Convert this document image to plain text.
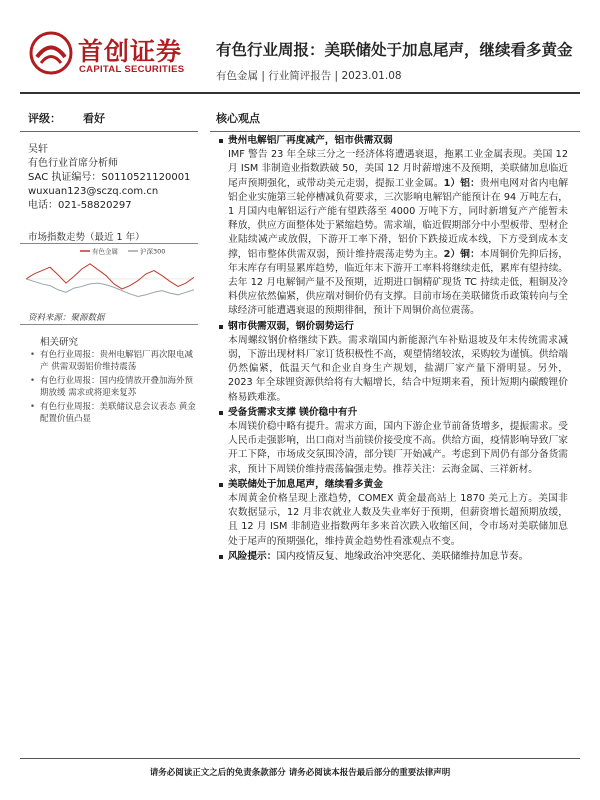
首创证券
CAPITAL SECURITIES
有色行业周报：美联储处于加息尾声，继续看多黄金
有色金属 | 行业简评报告 | 2023.01.08
评级： 看好
吴轩
有色行业首席分析师
SAC 执证编号：S0110521120001
wuxuan123@sczq.com.cn
电话：021-58820297
市场指数走势（最近 1 年）
有色金属	沪深300
资料来源：聚源数据
相关研究
• 有色行业周报：贵州电解铝厂再次限电减产 供需双弱铝价维持震荡
• 有色行业周报：国内疫情放开叠加海外预期放缓 需求或将迎来复苏
• 有色行业周报：美联储议息会议表态 黄金配置价值凸显
核心观点

贵州电解铝厂再度减产，铝市供需双弱

IMF 警告 23 年全球三分之一经济体将遭遇衰退，拖累工业金属表现。美国 12 月 ISM 非制造业指数跌破 50，美国 12 月时薪增速不及预期，美联储加息临近尾声预期强化，或带动美元走弱，提振工业金属。1）铝：贵州电网对省内电解铝企业实施第三轮停槽减负荷要求，三次影响电解铝产能预计在 94 万吨左右，1 月国内电解铝运行产能有望跌落至 4000 万吨下方，同时新增复产产能暂未释放，供应方面整体处于紧缩趋势。需求端，临近假期部分中小型板带、型材企业陆续减产或放假，下游开工率下滑，铝价下跌接近成本线，下方受到成本支撑，铝市整体供需双弱，预计维持震荡走势为主。2）铜：本周铜价先抑后扬，年末库存有明显累库趋势，临近年末下游开工率料将继续走低，累库有望持续。去年 12 月电解铜产量不及预期，近期进口铜精矿现货 TC 持续走低，粗铜及冷料供应依然偏紧，供应端对铜价仍有支撑。目前市场在美联储货币政策转向与全球经济可能遭遇衰退的预期徘徊，预计下周铜价高位震荡。

钢市供需双弱，钢价弱势运行

本周螺纹钢价格继续下跌。需求端国内新能源汽车补贴退坡及年末传统需求减弱，下游出现材料厂家订货积极性不高，观望情绪较浓，采购较为谨慎。供给端仍然偏紧，低温天气和企业自身生产规划，盐湖厂家产量下滑明显。另外，2023 年全球锂资源供给将有大幅增长，结合中短期来看，预计短期内碳酸锂价格易跌难涨。

受备货需求支撑 镁价稳中有升

本周镁价稳中略有提升。需求方面，国内下游企业节前备货增多，提振需求。受人民币走强影响，出口商对当前镁价接受度不高。供给方面，疫情影响导致厂家开工下降，市场成交氛围冷清，部分镁厂开始减产。考虑到下周仍有部分备货需求，预计下周镁价维持震荡偏强走势。推荐关注：云海金属、三祥新材。

美联储处于加息尾声，继续看多黄金

本周黄金价格呈现上涨趋势，COMEX 黄金最高站上 1870 美元上方。美国非农数据显示，12 月非农就业人数及失业率好于预期，但薪资增长超预期放缓，且 12 月 ISM 非制造业指数两年多来首次跌入收缩区间，令市场对美联储加息处于尾声的预期强化，维持黄金趋势性看涨观点不变。

风险提示：国内疫情反复、地缘政治冲突恶化、美联储维持加息节奏。

请务必阅读正文之后的免责条款部分 请务必阅读本报告最后部分的重要法律声明
